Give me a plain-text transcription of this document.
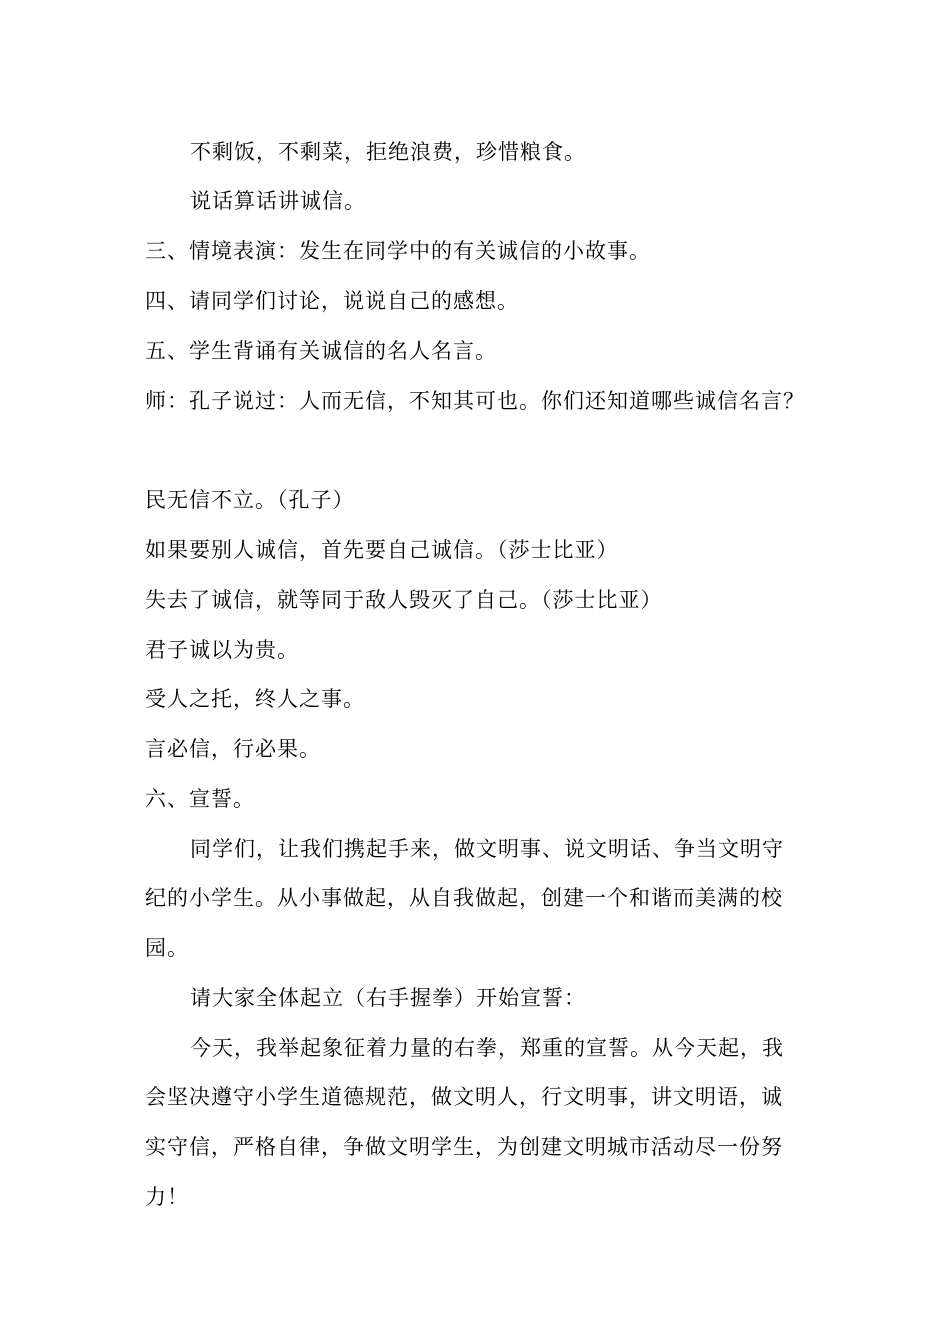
不剩饭，不剩菜，拒绝浪费，珍惜粮食。
说话算话讲诚信。
三、情境表演：发生在同学中的有关诚信的小故事。
四、请同学们讨论，说说自己的感想。
五、学生背诵有关诚信的名人名言。
师：孔子说过：人而无信，不知其可也。你们还知道哪些诚信名言？
民无信不立。（孔子）
如果要别人诚信，首先要自己诚信。（莎士比亚）
失去了诚信，就等同于敌人毁灭了自己。（莎士比亚）
君子诚以为贵。
受人之托，终人之事。
言必信，行必果。
六、宣誓。
同学们，让我们携起手来，做文明事、说文明话、争当文明守
纪的小学生。从小事做起，从自我做起，创建一个和谐而美满的校
园。
请大家全体起立（右手握拳）开始宣誓：
今天，我举起象征着力量的右拳，郑重的宣誓。从今天起，我
会坚决遵守小学生道德规范，做文明人，行文明事，讲文明语，诚
实守信，严格自律，争做文明学生，为创建文明城市活动尽一份努
力！
